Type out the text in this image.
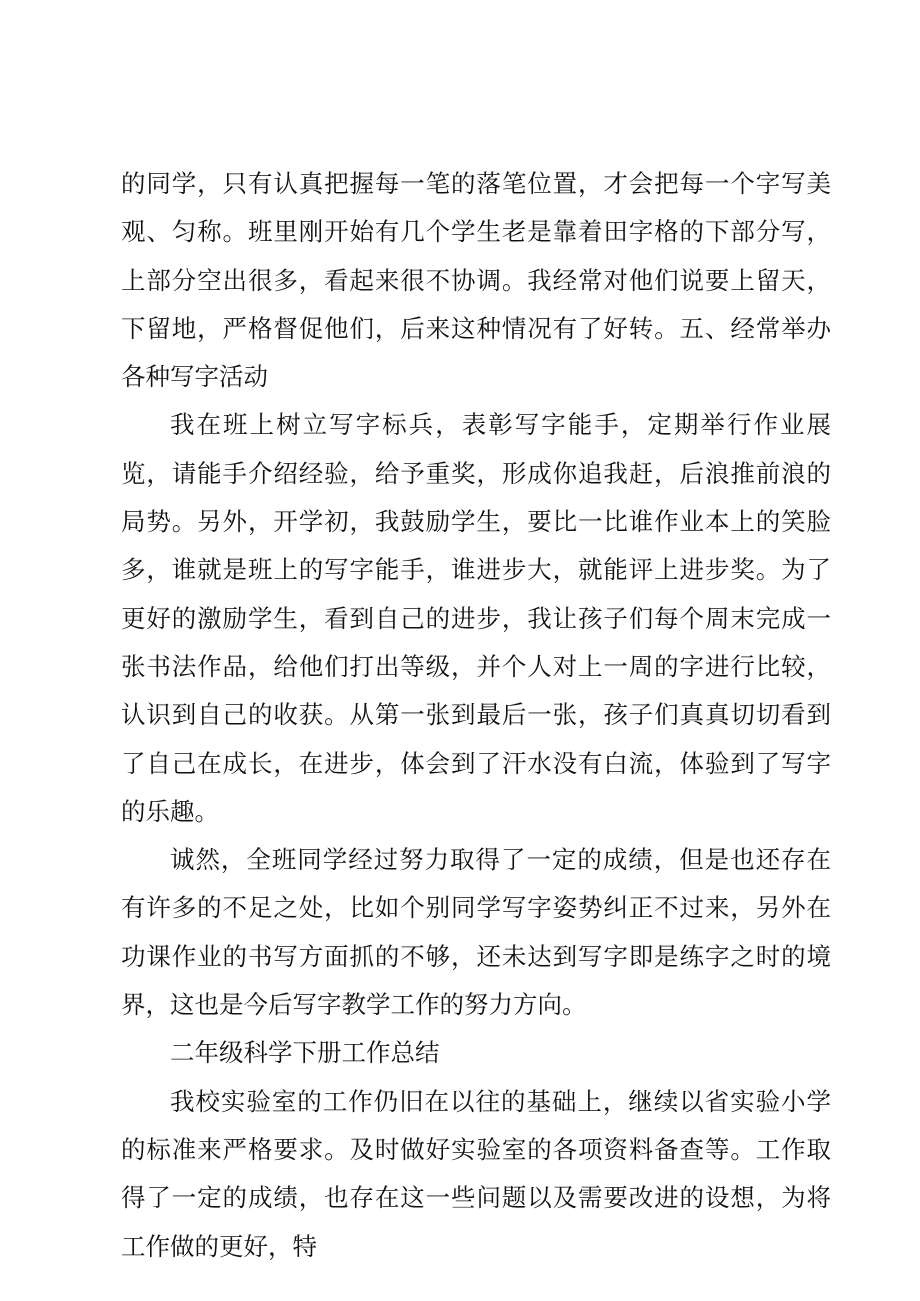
的同学，只有认真把握每一笔的落笔位置，才会把每一个字写美观、匀称。班里刚开始有几个学生老是靠着田字格的下部分写，上部分空出很多，看起来很不协调。我经常对他们说要上留天，下留地，严格督促他们，后来这种情况有了好转。五、经常举办各种写字活动

我在班上树立写字标兵，表彰写字能手，定期举行作业展览，请能手介绍经验，给予重奖，形成你追我赶，后浪推前浪的局势。另外，开学初，我鼓励学生，要比一比谁作业本上的笑脸多，谁就是班上的写字能手，谁进步大，就能评上进步奖。为了更好的激励学生，看到自己的进步，我让孩子们每个周末完成一张书法作品，给他们打出等级，并个人对上一周的字进行比较，认识到自己的收获。从第一张到最后一张，孩子们真真切切看到了自己在成长，在进步，体会到了汗水没有白流，体验到了写字的乐趣。

诚然，全班同学经过努力取得了一定的成绩，但是也还存在有许多的不足之处，比如个别同学写字姿势纠正不过来，另外在功课作业的书写方面抓的不够，还未达到写字即是练字之时的境界，这也是今后写字教学工作的努力方向。

二年级科学下册工作总结

我校实验室的工作仍旧在以往的基础上，继续以省实验小学的标准来严格要求。及时做好实验室的各项资料备查等。工作取得了一定的成绩，也存在这一些问题以及需要改进的设想，为将工作做的更好，特
